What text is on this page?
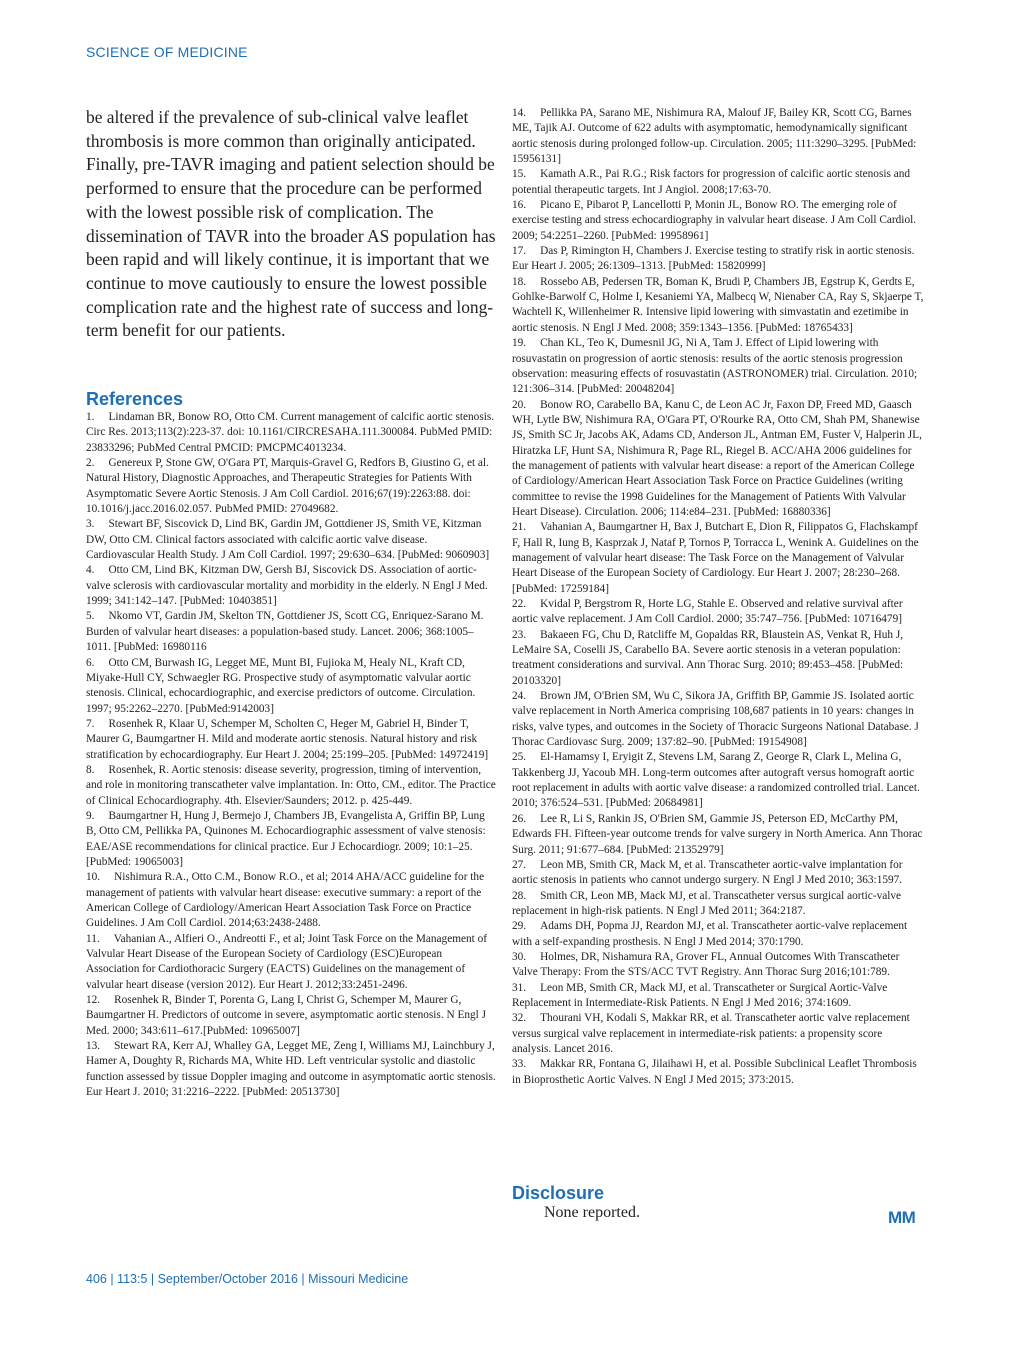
SCIENCE OF MEDICINE

be altered if the prevalence of sub-clinical valve leaflet thrombosis is more common than originally anticipated. Finally, pre-TAVR imaging and patient selection should be performed to ensure that the procedure can be performed with the lowest possible risk of complication. The dissemination of TAVR into the broader AS population has been rapid and will likely continue, it is important that we continue to move cautiously to ensure the lowest possible complication rate and the highest rate of success and long-term benefit for our patients.

References

1. Lindaman BR, Bonow RO, Otto CM. Current management of calcific aortic stenosis. Circ Res. 2013;113(2):223-37. doi: 10.1161/CIRCRESAHA.111.300084. PubMed PMID: 23833296; PubMed Central PMCID: PMCPMC4013234.

2. Genereux P, Stone GW, O'Gara PT, Marquis-Gravel G, Redfors B, Giustino G, et al. Natural History, Diagnostic Approaches, and Therapeutic Strategies for Patients With Asymptomatic Severe Aortic Stenosis. J Am Coll Cardiol. 2016;67(19):2263:88. doi: 10.1016/j.jacc.2016.02.057. PubMed PMID: 27049682.

3. Stewart BF, Siscovick D, Lind BK, Gardin JM, Gottdiener JS, Smith VE, Kitzman DW, Otto CM. Clinical factors associated with calcific aortic valve disease. Cardiovascular Health Study. J Am Coll Cardiol. 1997; 29:630–634. [PubMed: 9060903]

4. Otto CM, Lind BK, Kitzman DW, Gersh BJ, Siscovick DS. Association of aortic-valve sclerosis with cardiovascular mortality and morbidity in the elderly. N Engl J Med. 1999; 341:142–147. [PubMed: 10403851]

5. Nkomo VT, Gardin JM, Skelton TN, Gottdiener JS, Scott CG, Enriquez-Sarano M. Burden of valvular heart diseases: a population-based study. Lancet. 2006; 368:1005–1011. [PubMed: 16980116

6. Otto CM, Burwash IG, Legget ME, Munt BI, Fujioka M, Healy NL, Kraft CD, Miyake-Hull CY, Schwaegler RG. Prospective study of asymptomatic valvular aortic stenosis. Clinical, echocardiographic, and exercise predictors of outcome. Circulation. 1997; 95:2262–2270. [PubMed:9142003]

7. Rosenhek R, Klaar U, Schemper M, Scholten C, Heger M, Gabriel H, Binder T, Maurer G, Baumgartner H. Mild and moderate aortic stenosis. Natural history and risk stratification by echocardiography. Eur Heart J. 2004; 25:199–205. [PubMed: 14972419]

8. Rosenhek, R. Aortic stenosis: disease severity, progression, timing of intervention, and role in monitoring transcatheter valve implantation. In: Otto, CM., editor. The Practice of Clinical Echocardiography. 4th. Elsevier/Saunders; 2012. p. 425-449.

9. Baumgartner H, Hung J, Bermejo J, Chambers JB, Evangelista A, Griffin BP, Lung B, Otto CM, Pellikka PA, Quinones M. Echocardiographic assessment of valve stenosis: EAE/ASE recommendations for clinical practice. Eur J Echocardiogr. 2009; 10:1–25. [PubMed: 19065003]

10. Nishimura R.A., Otto C.M., Bonow R.O., et al; 2014 AHA/ACC guideline for the management of patients with valvular heart disease: executive summary: a report of the American College of Cardiology/American Heart Association Task Force on Practice Guidelines. J Am Coll Cardiol. 2014;63:2438-2488.

11. Vahanian A., Alfieri O., Andreotti F., et al; Joint Task Force on the Management of Valvular Heart Disease of the European Society of Cardiology (ESC)European Association for Cardiothoracic Surgery (EACTS) Guidelines on the management of valvular heart disease (version 2012). Eur Heart J. 2012;33:2451-2496.

12. Rosenhek R, Binder T, Porenta G, Lang I, Christ G, Schemper M, Maurer G, Baumgartner H. Predictors of outcome in severe, asymptomatic aortic stenosis. N Engl J Med. 2000; 343:611–617.[PubMed: 10965007]

13. Stewart RA, Kerr AJ, Whalley GA, Legget ME, Zeng I, Williams MJ, Lainchbury J, Hamer A, Doughty R, Richards MA, White HD. Left ventricular systolic and diastolic function assessed by tissue Doppler imaging and outcome in asymptomatic aortic stenosis. Eur Heart J. 2010; 31:2216–2222. [PubMed: 20513730]

14. Pellikka PA, Sarano ME, Nishimura RA, Malouf JF, Bailey KR, Scott CG, Barnes ME, Tajik AJ. Outcome of 622 adults with asymptomatic, hemodynamically significant aortic stenosis during prolonged follow-up. Circulation. 2005; 111:3290–3295. [PubMed: 15956131]

15. Kamath A.R., Pai R.G.; Risk factors for progression of calcific aortic stenosis and potential therapeutic targets. Int J Angiol. 2008;17:63-70.

16. Picano E, Pibarot P, Lancellotti P, Monin JL, Bonow RO. The emerging role of exercise testing and stress echocardiography in valvular heart disease. J Am Coll Cardiol. 2009; 54:2251–2260. [PubMed: 19958961]

17. Das P, Rimington H, Chambers J. Exercise testing to stratify risk in aortic stenosis. Eur Heart J. 2005; 26:1309–1313. [PubMed: 15820999]

18. Rossebo AB, Pedersen TR, Boman K, Brudi P, Chambers JB, Egstrup K, Gerdts E, Gohlke-Barwolf C, Holme I, Kesaniemi YA, Malbecq W, Nienaber CA, Ray S, Skjaerpe T, Wachtell K, Willenheimer R. Intensive lipid lowering with simvastatin and ezetimibe in aortic stenosis. N Engl J Med. 2008; 359:1343–1356. [PubMed: 18765433]

19. Chan KL, Teo K, Dumesnil JG, Ni A, Tam J. Effect of Lipid lowering with rosuvastatin on progression of aortic stenosis: results of the aortic stenosis progression observation: measuring effects of rosuvastatin (ASTRONOMER) trial. Circulation. 2010; 121:306–314. [PubMed: 20048204]

20. Bonow RO, Carabello BA, Kanu C, de Leon AC Jr, Faxon DP, Freed MD, Gaasch WH, Lytle BW, Nishimura RA, O'Gara PT, O'Rourke RA, Otto CM, Shah PM, Shanewise JS, Smith SC Jr, Jacobs AK, Adams CD, Anderson JL, Antman EM, Fuster V, Halperin JL, Hiratzka LF, Hunt SA, Nishimura R, Page RL, Riegel B. ACC/AHA 2006 guidelines for the management of patients with valvular heart disease: a report of the American College of Cardiology/American Heart Association Task Force on Practice Guidelines (writing committee to revise the 1998 Guidelines for the Management of Patients With Valvular Heart Disease). Circulation. 2006; 114:e84–231. [PubMed: 16880336]

21. Vahanian A, Baumgartner H, Bax J, Butchart E, Dion R, Filippatos G, Flachskampf F, Hall R, Iung B, Kasprzak J, Nataf P, Tornos P, Torracca L, Wenink A. Guidelines on the management of valvular heart disease: The Task Force on the Management of Valvular Heart Disease of the European Society of Cardiology. Eur Heart J. 2007; 28:230–268. [PubMed: 17259184]

22. Kvidal P, Bergstrom R, Horte LG, Stahle E. Observed and relative survival after aortic valve replacement. J Am Coll Cardiol. 2000; 35:747–756. [PubMed: 10716479]

23. Bakaeen FG, Chu D, Ratcliffe M, Gopaldas RR, Blaustein AS, Venkat R, Huh J, LeMaire SA, Coselli JS, Carabello BA. Severe aortic stenosis in a veteran population: treatment considerations and survival. Ann Thorac Surg. 2010; 89:453–458. [PubMed: 20103320]

24. Brown JM, O'Brien SM, Wu C, Sikora JA, Griffith BP, Gammie JS. Isolated aortic valve replacement in North America comprising 108,687 patients in 10 years: changes in risks, valve types, and outcomes in the Society of Thoracic Surgeons National Database. J Thorac Cardiovasc Surg. 2009; 137:82–90. [PubMed: 19154908]

25. El-Hamamsy I, Eryigit Z, Stevens LM, Sarang Z, George R, Clark L, Melina G, Takkenberg JJ, Yacoub MH. Long-term outcomes after autograft versus homograft aortic root replacement in adults with aortic valve disease: a randomized controlled trial. Lancet. 2010; 376:524–531. [PubMed: 20684981]

26. Lee R, Li S, Rankin JS, O'Brien SM, Gammie JS, Peterson ED, McCarthy PM, Edwards FH. Fifteen-year outcome trends for valve surgery in North America. Ann Thorac Surg. 2011; 91:677–684. [PubMed: 21352979]

27. Leon MB, Smith CR, Mack M, et al. Transcatheter aortic-valve implantation for aortic stenosis in patients who cannot undergo surgery. N Engl J Med 2010; 363:1597.

28. Smith CR, Leon MB, Mack MJ, et al. Transcatheter versus surgical aortic-valve replacement in high-risk patients. N Engl J Med 2011; 364:2187.

29. Adams DH, Popma JJ, Reardon MJ, et al. Transcatheter aortic-valve replacement with a self-expanding prosthesis. N Engl J Med 2014; 370:1790.

30. Holmes, DR, Nishamura RA, Grover FL, Annual Outcomes With Transcatheter Valve Therapy: From the STS/ACC TVT Registry. Ann Thorac Surg 2016;101:789.

31. Leon MB, Smith CR, Mack MJ, et al. Transcatheter or Surgical Aortic-Valve Replacement in Intermediate-Risk Patients. N Engl J Med 2016; 374:1609.

32. Thourani VH, Kodali S, Makkar RR, et al. Transcatheter aortic valve replacement versus surgical valve replacement in intermediate-risk patients: a propensity score analysis. Lancet 2016.

33. Makkar RR, Fontana G, Jilaihawi H, et al. Possible Subclinical Leaflet Thrombosis in Bioprosthetic Aortic Valves. N Engl J Med 2015; 373:2015.

Disclosure

None reported.	MM
406 | 113:5 | September/October 2016 | Missouri Medicine
